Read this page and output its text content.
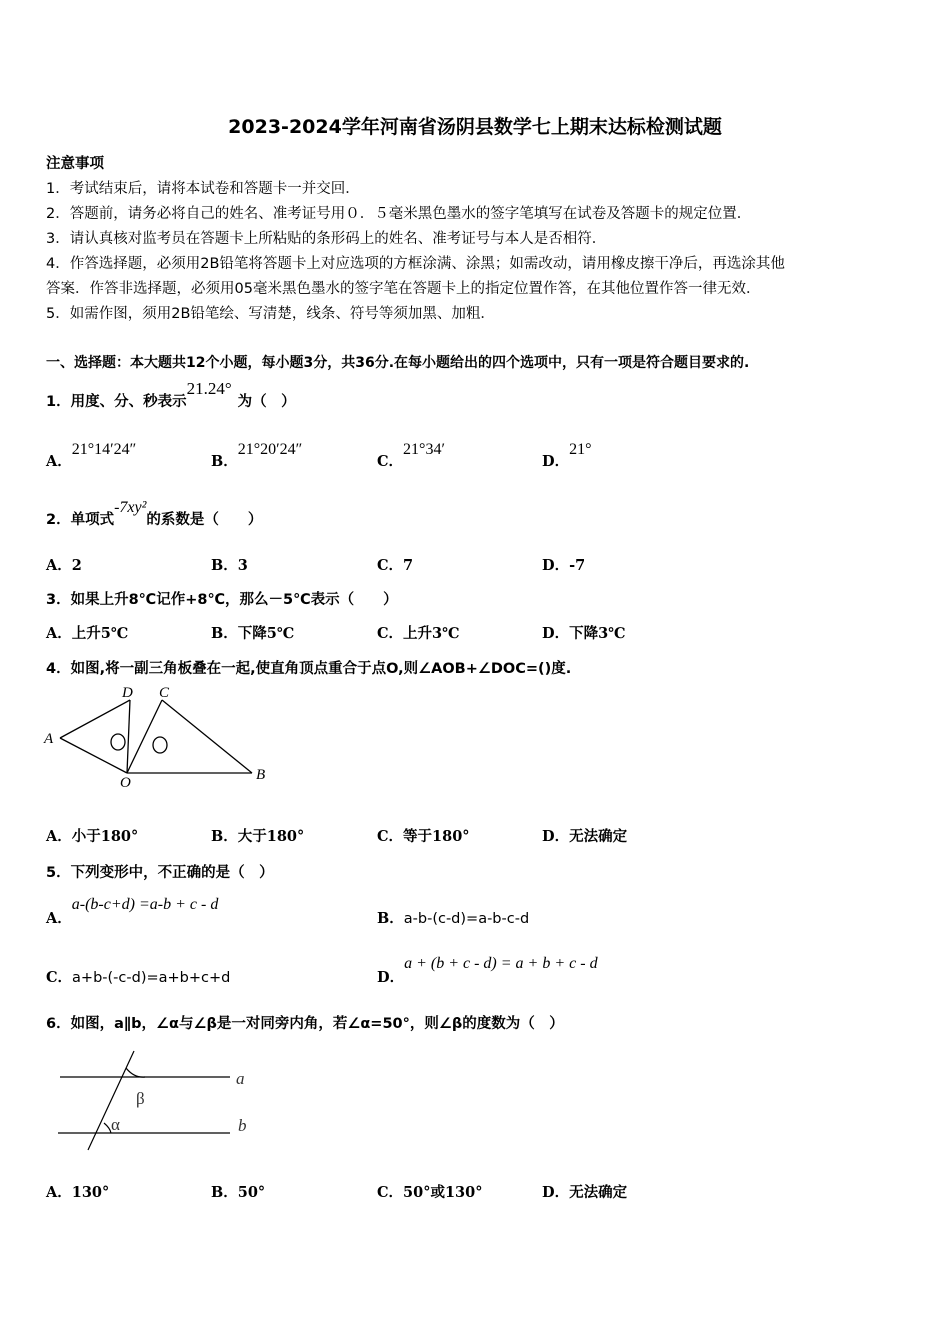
2023-2024学年河南省汤阴县数学七上期末达标检测试题
注意事项
1．考试结束后，请将本试卷和答题卡一并交回．
2．答题前，请务必将自己的姓名、准考证号用０．５毫米黑色墨水的签字笔填写在试卷及答题卡的规定位置．
3．请认真核对监考员在答题卡上所粘贴的条形码上的姓名、准考证号与本人是否相符．
4．作答选择题，必须用2B铅笔将答题卡上对应选项的方框涂满、涂黑；如需改动，请用橡皮擦干净后，再选涂其他
答案．作答非选择题，必须用05毫米黑色墨水的签字笔在答题卡上的指定位置作答，在其他位置作答一律无效．
5．如需作图，须用2B铅笔绘、写清楚，线条、符号等须加黑、加粗．
一、选择题：本大题共12个小题，每小题3分，共36分.在每小题给出的四个选项中，只有一项是符合题目要求的.
1．用度、分、秒表示21.24°为（　）
A．21°14′24″
B．21°20′24″
C．21°34′
D．21°
2．单项式-7xy²的系数是（　　）
A．2	B．3	C．7	D．-7
3．如果上升8℃记作+8℃，那么－5℃表示（　　）
A．上升5℃	B．下降5℃	C．上升3℃	D．下降3℃
4．如图,将一副三角板叠在一起,使直角顶点重合于点O,则∠AOB+∠DOC=()度.
A
D C
O	B
A．小于180°	B．大于180°	C．等于180°	D．无法确定
5．下列变形中，不正确的是（　）
A．a-(b-c+d) =a-b + c - d
B．a-b-(c-d)=a-b-c-d
C．a+b-(-c-d)=a+b+c+d	D．a + (b + c - d) = a + b + c - d
6．如图，a∥b，∠α与∠β是一对同旁内角，若∠α=50°，则∠β的度数为（　）
β
α
a
b
A．130°	B．50°	C．50°或130°	D．无法确定
